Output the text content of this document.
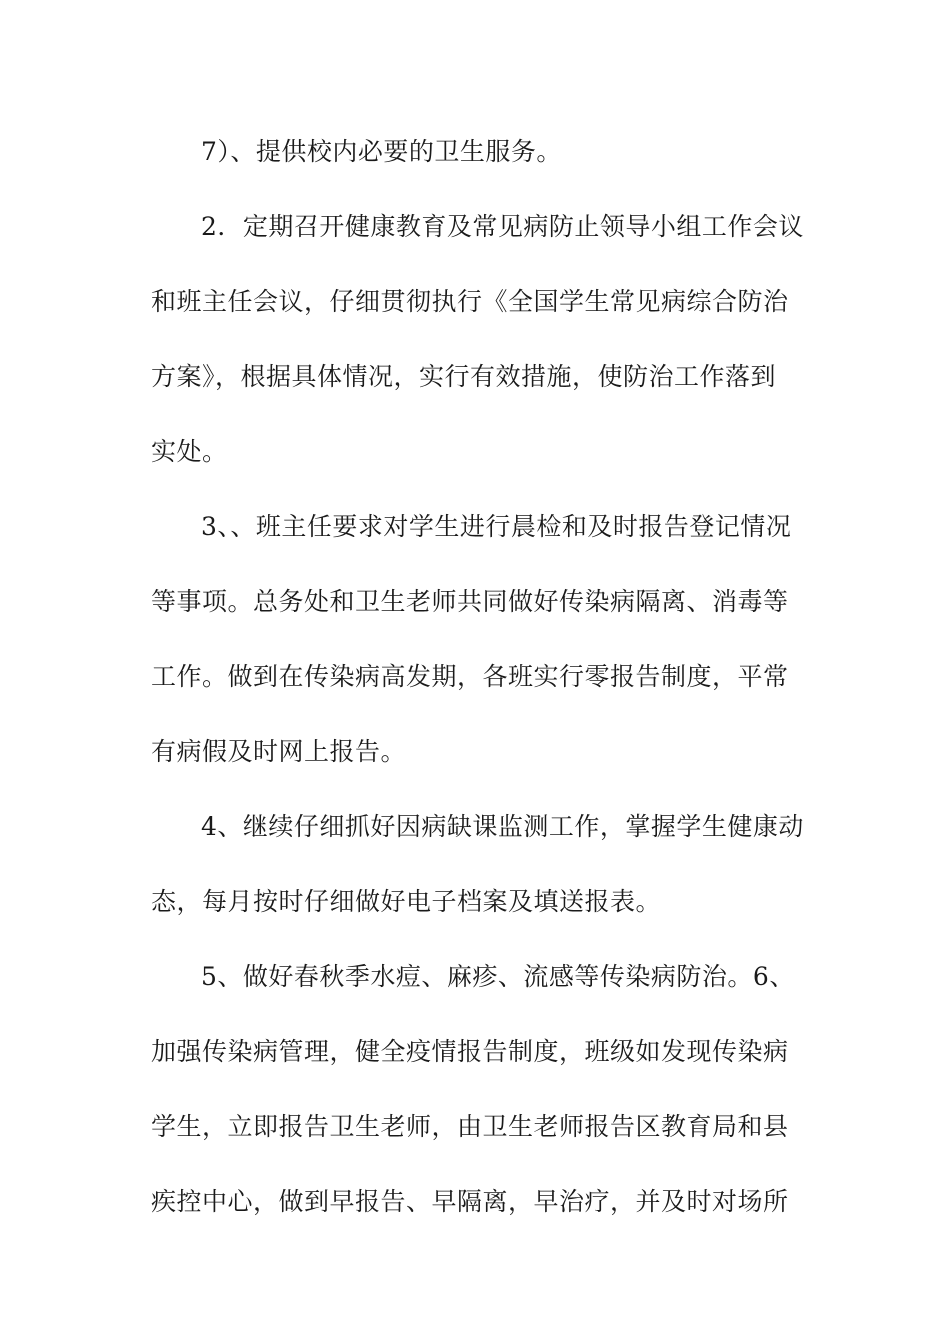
7）、提供校内必要的卫生服务。
2．定期召开健康教育及常见病防止领导小组工作会议
和班主任会议，仔细贯彻执行《全国学生常见病综合防治
方案》，根据具体情况，实行有效措施，使防治工作落到
实处。
3、、班主任要求对学生进行晨检和及时报告登记情况
等事项。总务处和卫生老师共同做好传染病隔离、消毒等
工作。做到在传染病高发期，各班实行零报告制度，平常
有病假及时网上报告。
4、继续仔细抓好因病缺课监测工作，掌握学生健康动
态，每月按时仔细做好电子档案及填送报表。
5、做好春秋季水痘、麻疹、流感等传染病防治。6、
加强传染病管理，健全疫情报告制度，班级如发现传染病
学生，立即报告卫生老师，由卫生老师报告区教育局和县
疾控中心，做到早报告、早隔离，早治疗，并及时对场所
